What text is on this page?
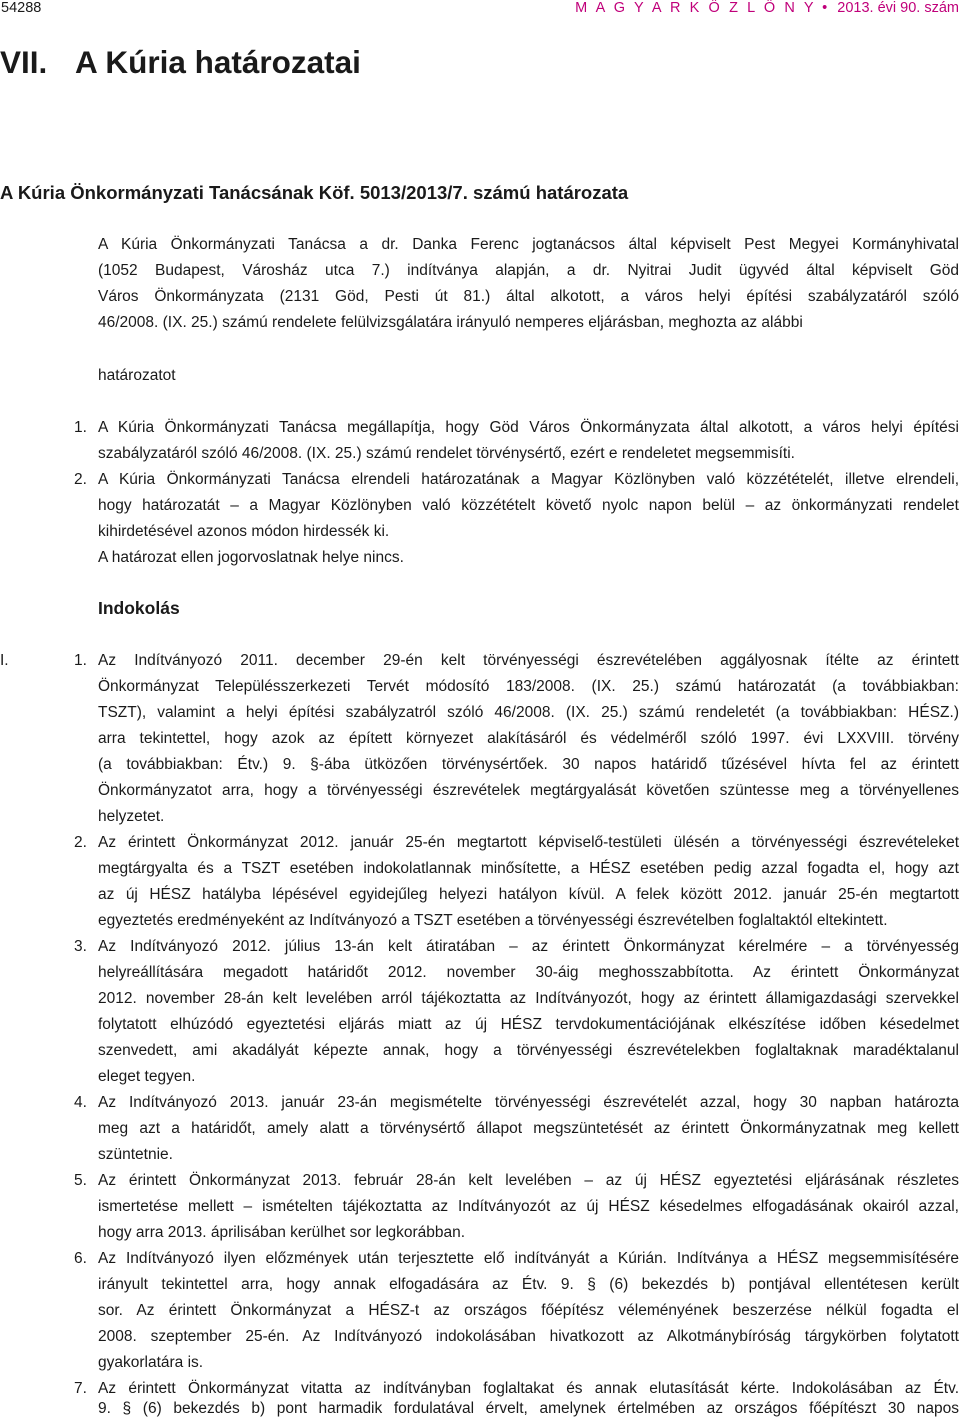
54288	M A G Y A R K Ö Z L Ö N Y • 2013. évi 90. szám
VII. A Kúria határozatai
A Kúria Önkormányzati Tanácsának Köf. 5013/2013/7. számú határozata
A Kúria Önkormányzati Tanácsa a dr. Danka Ferenc jogtanácsos által képviselt Pest Megyei Kormányhivatal
(1052 Budapest, Városház utca 7.) indítványa alapján, a dr. Nyitrai Judit ügyvéd által képviselt Göd
Város Önkormányzata (2131 Göd, Pesti út 81.) által alkotott, a város helyi építési szabályzatáról szóló
46/2008. (IX. 25.) számú rendelete felülvizsgálatára irányuló nemperes eljárásban, meghozta az alábbi
határozatot
1. A Kúria Önkormányzati Tanácsa megállapítja, hogy Göd Város Önkormányzata által alkotott, a város helyi építési
szabályzatáról szóló 46/2008. (IX. 25.) számú rendelet törvénysértő, ezért e rendeletet megsemmisíti.
2. A Kúria Önkormányzati Tanácsa elrendeli határozatának a Magyar Közlönyben való közzétételét, illetve elrendeli,
hogy határozatát – a Magyar Közlönyben való közzétételt követő nyolc napon belül – az önkormányzati rendelet
kihirdetésével azonos módon hirdessék ki.
A határozat ellen jogorvoslatnak helye nincs.
Indokolás
I.	1. Az Indítványozó 2011. december 29-én kelt törvényességi észrevételében aggályosnak ítélte az érintett
Önkormányzat Településszerkezeti Tervét módosító 183/2008. (IX. 25.) számú határozatát (a továbbiakban:
TSZT), valamint a helyi építési szabályzatról szóló 46/2008. (IX. 25.) számú rendeletét (a továbbiakban: HÉSZ.)
arra tekintettel, hogy azok az épített környezet alakításáról és védelméről szóló 1997. évi LXXVIII. törvény
(a továbbiakban: Étv.) 9. §-ába ütközően törvénysértőek. 30 napos határidő tűzésével hívta fel az érintett
Önkormányzatot arra, hogy a törvényességi észrevételek megtárgyalását követően szüntesse meg a törvényellenes
helyzetet.
2. Az érintett Önkormányzat 2012. január 25-én megtartott képviselő-testületi ülésén a törvényességi észrevételeket
megtárgyalta és a TSZT esetében indokolatlannak minősítette, a HÉSZ esetében pedig azzal fogadta el, hogy azt
az új HÉSZ hatályba lépésével egyidejűleg helyezi hatályon kívül. A felek között 2012. január 25-én megtartott
egyeztetés eredményeként az Indítványozó a TSZT esetében a törvényességi észrevételben foglaltaktól eltekintett.
3. Az Indítványozó 2012. július 13-án kelt átiratában – az érintett Önkormányzat kérelmére – a törvényesség
helyreállítására megadott határidőt 2012. november 30-áig meghosszabbította. Az érintett Önkormányzat
2012. november 28-án kelt levelében arról tájékoztatta az Indítványozót, hogy az érintett államigazdasági szervekkel
folytatott elhúzódó egyeztetési eljárás miatt az új HÉSZ tervdokumentációjának elkészítése időben késedelmet
szenvedett, ami akadályát képezte annak, hogy a törvényességi észrevételekben foglaltaknak maradéktalanul
eleget tegyen.
4. Az Indítványozó 2013. január 23-án megismételte törvényességi észrevételét azzal, hogy 30 napban határozta
meg azt a határidőt, amely alatt a törvénysértő állapot megszüntetését az érintett Önkormányzatnak meg kellett
szüntetnie.
5. Az érintett Önkormányzat 2013. február 28-án kelt levelében – az új HÉSZ egyeztetési eljárásának részletes
ismertetése mellett – ismételten tájékoztatta az Indítványozót az új HÉSZ késedelmes elfogadásának okairól azzal,
hogy arra 2013. áprilisában kerülhet sor legkorábban.
6. Az Indítványozó ilyen előzmények után terjesztette elő indítványát a Kúrián. Indítványa a HÉSZ megsemmisítésére
irányult tekintettel arra, hogy annak elfogadására az Étv. 9. § (6) bekezdés b) pontjával ellentétesen került
sor. Az érintett Önkormányzat a HÉSZ-t az országos főépítész véleményének beszerzése nélkül fogadta el
2008. szeptember 25-én. Az Indítványozó indokolásában hivatkozott az Alkotmánybíróság tárgykörben folytatott
gyakorlatára is.
7. Az érintett Önkormányzat vitatta az indítványban foglaltakat és annak elutasítását kérte. Indokolásában az Étv.
9. § (6) bekezdés b) pont harmadik fordulatával érvelt, amelynek értelmében az országos főépítészt 30 napos
